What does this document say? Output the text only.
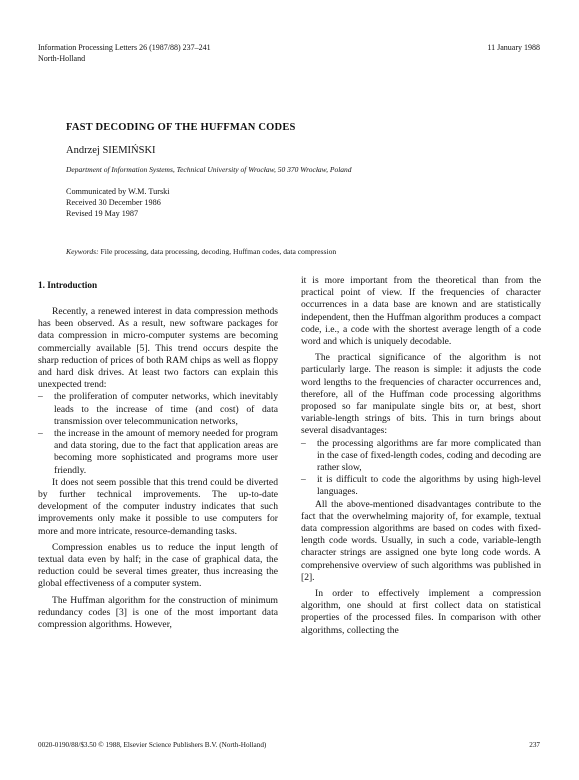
Information Processing Letters 26 (1987/88) 237–241
North-Holland
11 January 1988
FAST DECODING OF THE HUFFMAN CODES
Andrzej SIEMIŃSKI
Department of Information Systems, Technical University of Wrocław, 50 370 Wrocław, Poland
Communicated by W.M. Turski
Received 30 December 1986
Revised 19 May 1987
Keywords: File processing, data processing, decoding, Huffman codes, data compression
1. Introduction

Recently, a renewed interest in data compression methods has been observed. As a result, new software packages for data compression in micro-computer systems are becoming commercially available [5]. This trend occurs despite the sharp reduction of prices of both RAM chips as well as floppy and hard disk drives. At least two factors can explain this unexpected trend:

– the proliferation of computer networks, which inevitably leads to the increase of time (and cost) of data transmission over telecommunication networks,
– the increase in the amount of memory needed for program and data storing, due to the fact that application areas are becoming more sophisticated and programs more user friendly.

It does not seem possible that this trend could be diverted by further technical improvements. The up-to-date development of the computer industry indicates that such improvements only make it possible to use computers for more and more intricate, resource-demanding tasks.

Compression enables us to reduce the input length of textual data even by half; in the case of graphical data, the reduction could be several times greater, thus increasing the global effectiveness of a computer system.

The Huffman algorithm for the construction of minimum redundancy codes [3] is one of the most important data compression algorithms. However,

it is more important from the theoretical than from the practical point of view. If the frequencies of character occurrences in a data base are known and are statistically independent, then the Huffman algorithm produces a compact code, i.e., a code with the shortest average length of a code word and which is uniquely decodable.

The practical significance of the algorithm is not particularly large. The reason is simple: it adjusts the code word lengths to the frequencies of character occurrences and, therefore, all of the Huffman code processing algorithms proposed so far manipulate single bits or, at best, short variable-length strings of bits. This in turn brings about several disadvantages:

– the processing algorithms are far more complicated than in the case of fixed-length codes, coding and decoding are rather slow,
– it is difficult to code the algorithms by using high-level languages.

All the above-mentioned disadvantages contribute to the fact that the overwhelming majority of, for example, textual data compression algorithms are based on codes with fixed-length code words. Usually, in such a code, variable-length character strings are assigned one byte long code words. A comprehensive overview of such algorithms was published in [2].

In order to effectively implement a compression algorithm, one should at first collect data on statistical properties of the processed files. In comparison with other algorithms, collecting the

0020-0190/88/$3.50 © 1988, Elsevier Science Publishers B.V. (North-Holland)	237
